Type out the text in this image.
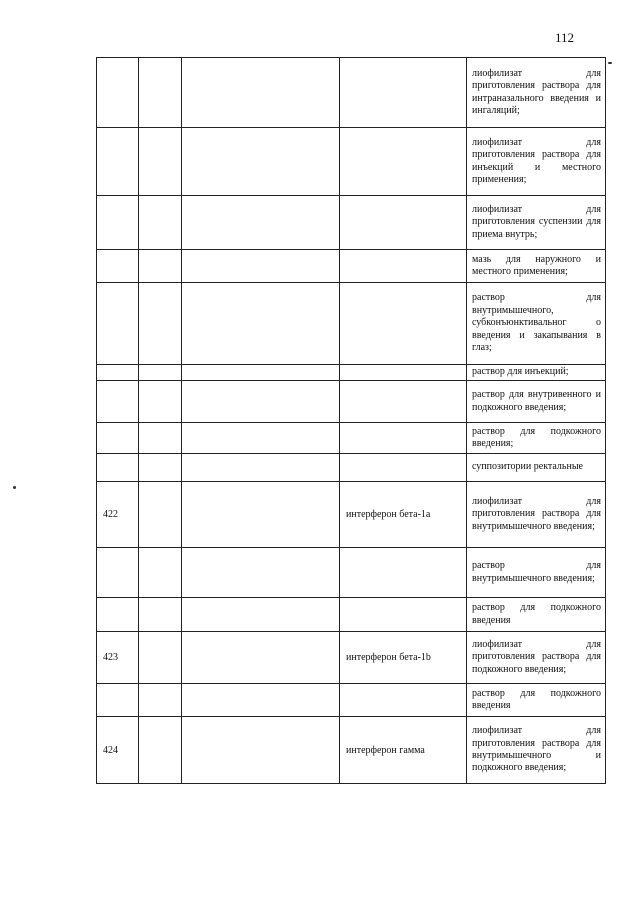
112
				лиофилизат для приготовления раствора для интраназального введения и ингаляций;
				лиофилизат для приготовления раствора для инъекций и местного применения;
				лиофилизат для приготовления суспензии для приема внутрь;
				мазь для наружного и местного применения;
				раствор для внутримышечного, субконъюнктивальног о введения и закапывания в глаз;
				раствор для инъекций;
				раствор для внутривенного и подкожного введения;
				раствор для подкожного введения;
				суппозитории ректальные
422			интерферон бета-1а	лиофилизат для приготовления раствора для внутримышечного введения;
				раствор для внутримышечного введения;
				раствор для подкожного введения
423			интерферон бета-1b	лиофилизат для приготовления раствора для подкожного введения;
				раствор для подкожного введения
424			интерферон гамма	лиофилизат для приготовления раствора для внутримышечного и подкожного введения;
